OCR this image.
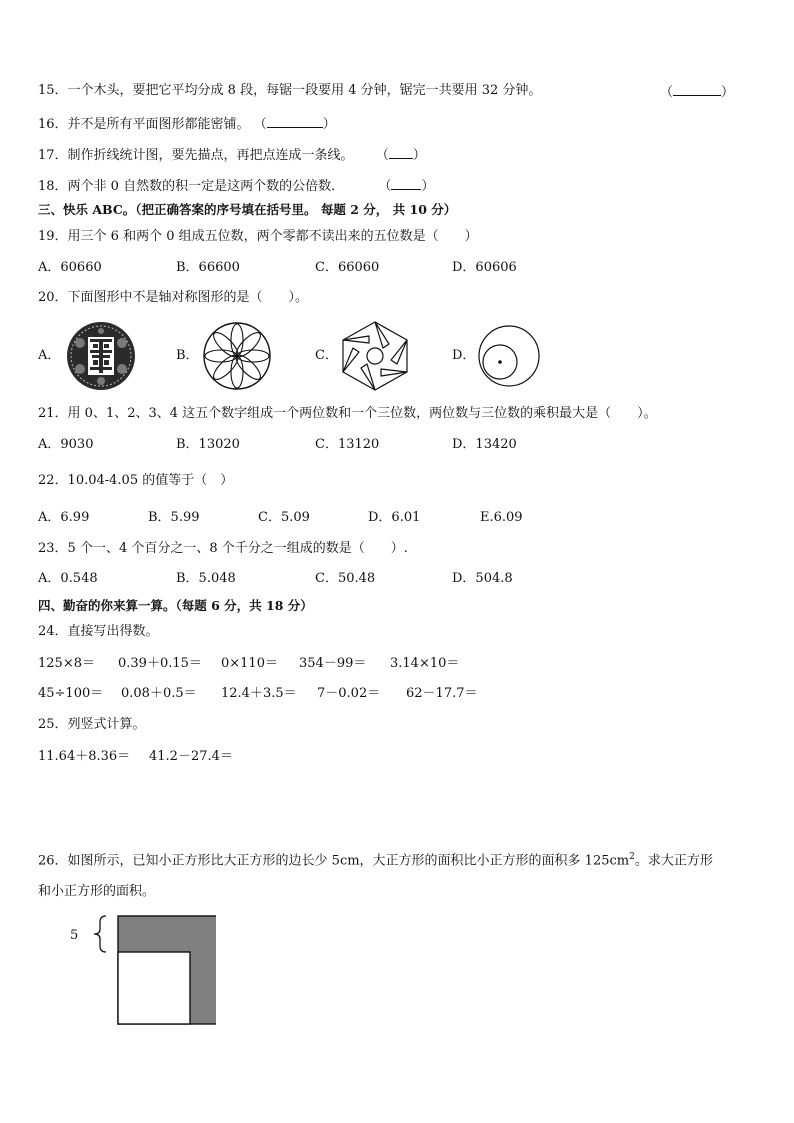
15．一个木头，要把它平均分成 8 段，每锯一段要用 4 分钟，锯完一共要用 32 分钟。	（	）
16．并不是所有平面图形都能密铺。 （	）
17．制作折线统计图，要先描点，再把点连成一条线。 （ ）
18．两个非 0 自然数的积一定是这两个数的公倍数．	（ ）
三、快乐 ABC。（把正确答案的序号填在括号里。 每题 2 分， 共 10 分）
19．用三个 6 和两个 0 组成五位数，两个零都不读出来的五位数是（　　）
A．60660	B．66600	C．66060	D．60606
20．下面图形中不是轴对称图形的是（　　）。
A．	B．	C．	D．
21．用 0、1、2、3、4 这五个数字组成一个两位数和一个三位数，两位数与三位数的乘积最大是（　　）。
A．9030	B．13020	C．13120	D．13420
22．10.04-4.05 的值等于（　）
A．6.99	B．5.99	C．5.09	D．6.01	E.6.09
23．5 个一、4 个百分之一、8 个千分之一组成的数是（　　）.
A．0.548	B．5.048	C．50.48	D．504.8
四、勤奋的你来算一算。（每题 6 分，共 18 分）
24．直接写出得数。
125×8＝ 0.39＋0.15＝ 0×110＝ 354－99＝ 3.14×10＝
45÷100＝ 0.08＋0.5＝ 12.4＋3.5＝ 7－0.02＝ 62－17.7＝
25．列竖式计算。
11.64＋8.36＝ 41.2－27.4＝
26．如图所示，已知小正方形比大正方形的边长少 5cm，大正方形的面积比小正方形的面积多 $125cm^2$。求大正方形
和小正方形的面积。
5
